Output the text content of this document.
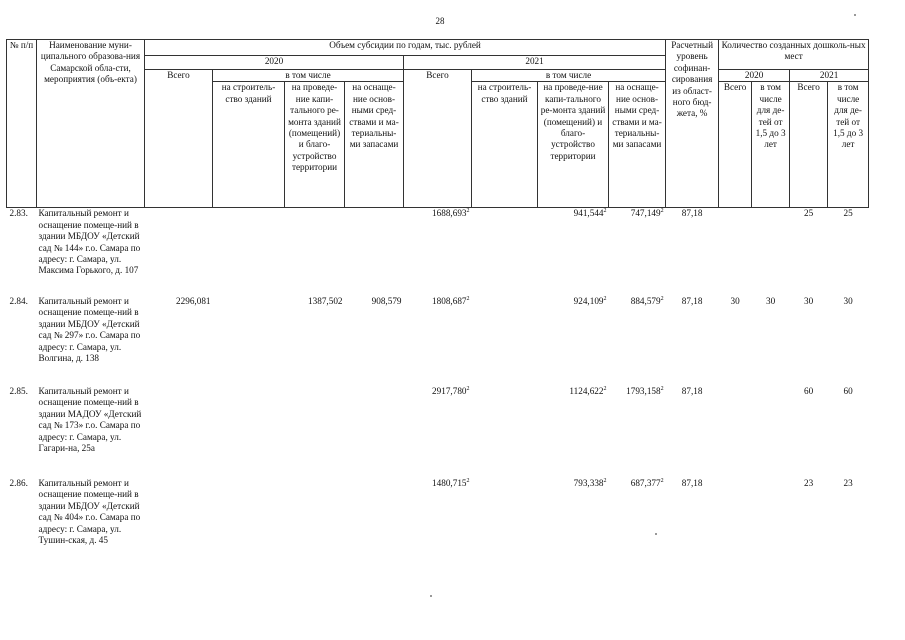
28
№ п/п	Наименование муни-ципального образова-ния Самарской обла-сти, мероприятия (объ-екта)	Объем субсидии по годам, тыс. рублей								Расчетный уровень софинан-сирования из област-ного бюд-жета, %	Количество созданных дошколь-ных мест			
		2020				2021								
		Всего	в том числе			Всего	в том числе				2020		2021	
			на строитель-ство зданий	на проведе-ние капи-тального ре-монта зданий (помещений) и благо-устройство территории	на оснаще-ние основ-ными сред-ствами и ма-териальны-ми запасами		на строитель-ство зданий	на проведе-ние капи-тального ре-монта зданий (помещений) и благо-устройство территории	на оснаще-ние основ-ными сред-ствами и ма-териальны-ми запасами		Всего	в том числе для де-тей от 1,5 до 3 лет	Всего	в том числе для де-тей от 1,5 до 3 лет
2.83.	Капитальный ремонт и оснащение помеще-ний в здании МБДОУ «Детский сад № 144» г.о. Самара по адресу: г. Самара, ул. Максима Горького, д. 107					1688,693$^2$		941,544$^2$	747,149$^2$	87,18			25	25
2.84.	Капитальный ремонт и оснащение помеще-ний в здании МБДОУ «Детский сад № 297» г.о. Самара по адресу: г. Самара, ул. Волгина, д. 138	2296,081		1387,502	908,579	1808,687$^2$		924,109$^2$	884,579$^2$	87,18	30	30	30	30
2.85.	Капитальный ремонт и оснащение помеще-ний в здании МАДОУ «Детский сад № 173» г.о. Самара по адресу: г. Самара, ул. Гагари-на, 25а					2917,780$^2$		1124,622$^2$	1793,158$^2$	87,18			60	60
2.86.	Капитальный ремонт и оснащение помеще-ний в здании МБДОУ «Детский сад № 404» г.о. Самара по адресу: г. Самара, ул. Тушин-ская, д. 45					1480,715$^2$		793,338$^2$	687,377$^2$	87,18			23	23
